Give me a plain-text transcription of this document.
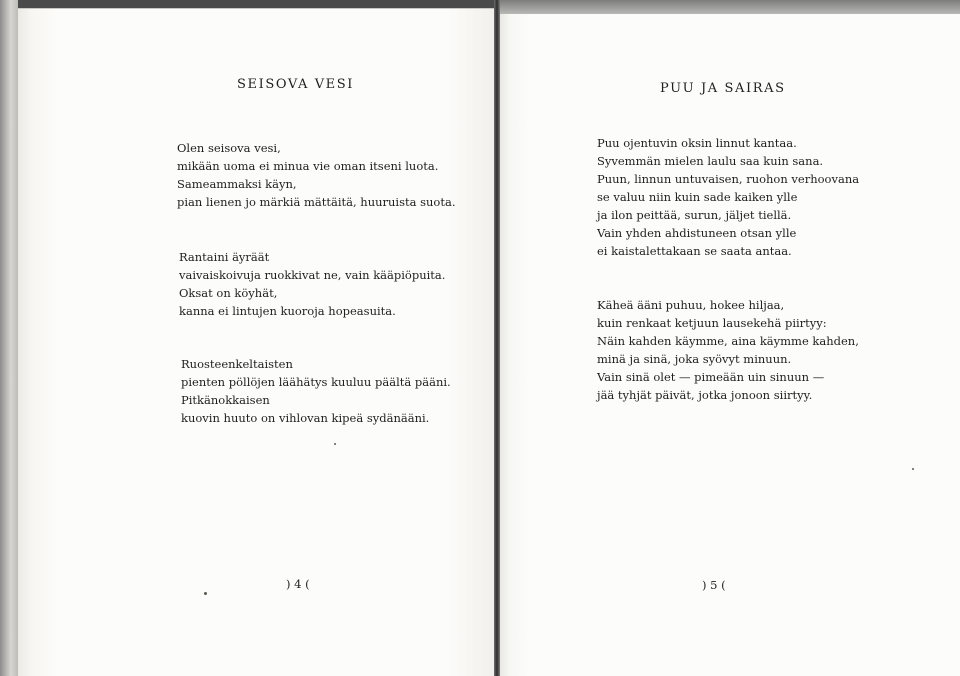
SEISOVA VESI
Olen seisova vesi,
mikään uoma ei minua vie oman itseni luota.
Sameammaksi käyn,
pian lienen jo märkiä mättäitä, huuruista suota.
Rantaini äyräät
vaivaiskoivuja ruokkivat ne, vain kääpiöpuita.
Oksat on köyhät,
kanna ei lintujen kuoroja hopeasuita.
Ruosteenkeltaisten
pienten pöllöjen läähätys kuuluu päältä pääni.
Pitkänokkaisen
kuovin huuto on vihlovan kipeä sydänääni.
) 4 (
PUU JA SAIRAS
Puu ojentuvin oksin linnut kantaa.
Syvemmän mielen laulu saa kuin sana.
Puun, linnun untuvaisen, ruohon verhoovana
se valuu niin kuin sade kaiken ylle
ja ilon peittää, surun, jäljet tiellä.
Vain yhden ahdistuneen otsan ylle
ei kaistalettakaan se saata antaa.
Käheä ääni puhuu, hokee hiljaa,
kuin renkaat ketjuun lausekehä piirtyy:
Näin kahden käymme, aina käymme kahden,
minä ja sinä, joka syövyt minuun.
Vain sinä olet — pimeään uin sinuun —
jää tyhjät päivät, jotka jonoon siirtyy.
) 5 (
